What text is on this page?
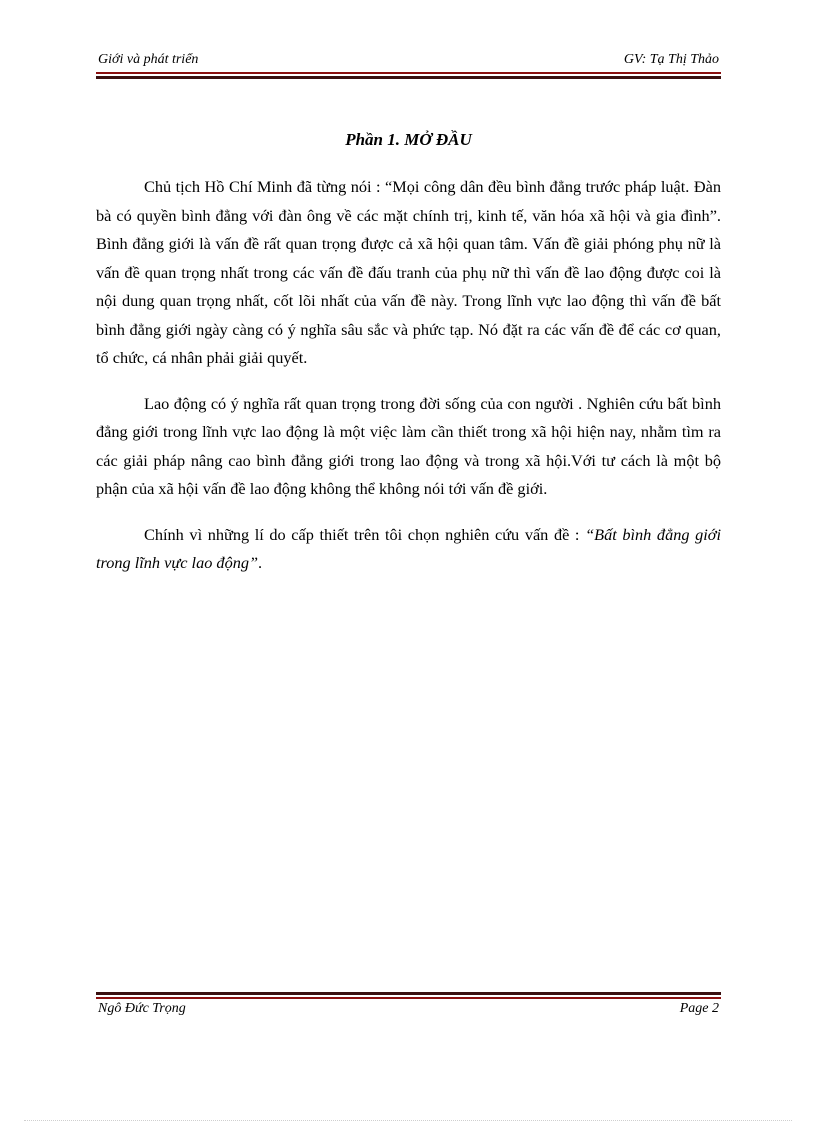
Giới và phát triển	GV: Tạ Thị Thảo
Phần 1. MỞ ĐẦU

Chủ tịch Hồ Chí Minh đã từng nói : “Mọi công dân đều bình đẳng trước pháp luật. Đàn bà có quyền bình đẳng với đàn ông về các mặt chính trị, kinh tế, văn hóa xã hội và gia đình”. Bình đẳng giới là vấn đề rất quan trọng được cả xã hội quan tâm. Vấn đề giải phóng phụ nữ là vấn đề quan trọng nhất trong các vấn đề đấu tranh của phụ nữ thì vấn đề lao động được coi là nội dung quan trọng nhất, cốt lõi nhất của vấn đề này. Trong lĩnh vực lao động thì vấn đề bất bình đẳng giới ngày càng có ý nghĩa sâu sắc và phức tạp. Nó đặt ra các vấn đề để các cơ quan, tổ chức, cá nhân phải giải quyết.

Lao động có ý nghĩa rất quan trọng trong đời sống của con người . Nghiên cứu bất bình đẳng giới trong lĩnh vực lao động là một việc làm cần thiết trong xã hội hiện nay, nhằm tìm ra các giải pháp nâng cao bình đẳng giới trong lao động và trong xã hội.Với tư cách là một bộ phận của xã hội vấn đề lao động không thể không nói tới vấn đề giới.

Chính vì những lí do cấp thiết trên tôi chọn nghiên cứu vấn đề : “Bất bình đẳng giới trong lĩnh vực lao động”.

Ngô Đức Trọng	Page 2
